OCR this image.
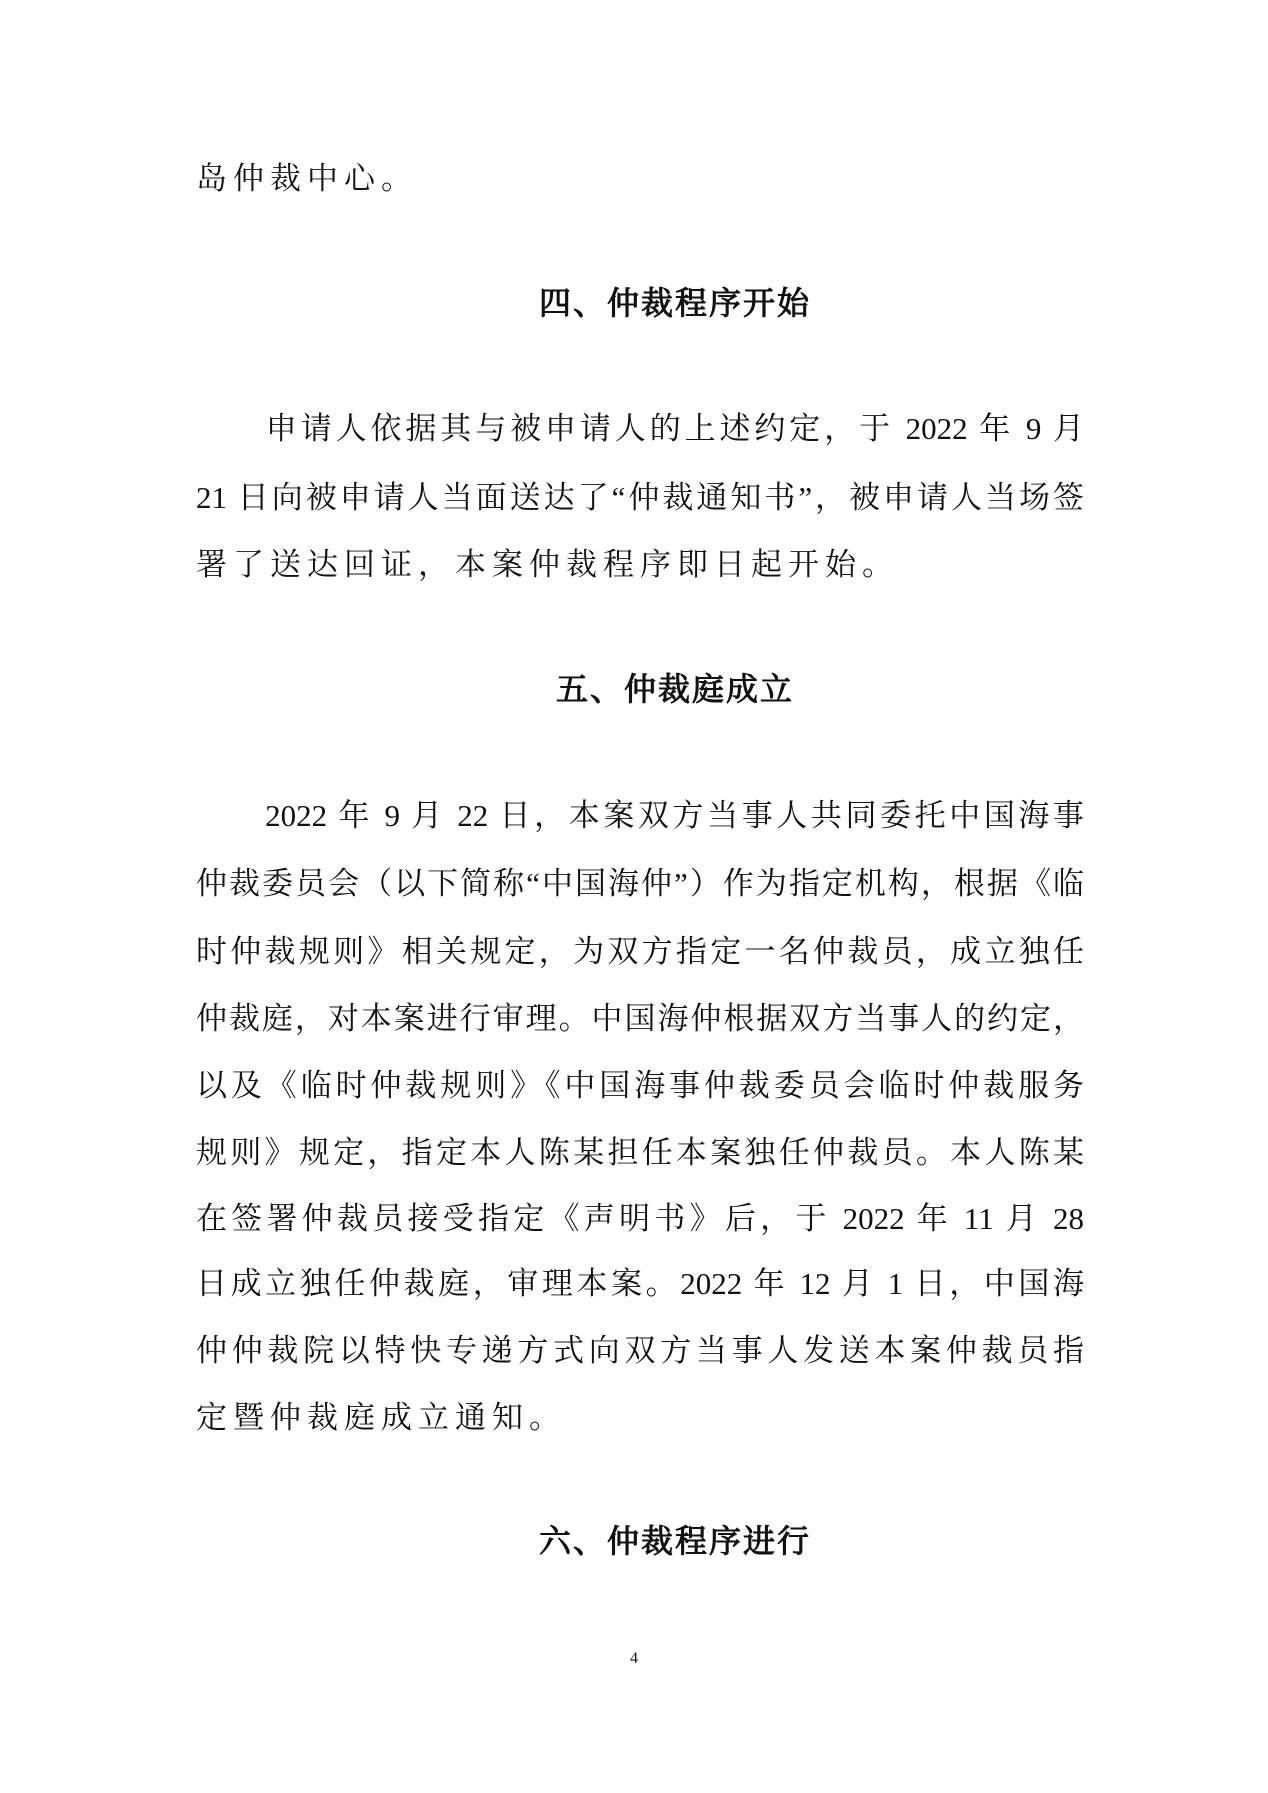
岛仲裁中心。
四、仲裁程序开始
　　申请人依据其与被申请人的上述约定，于 2022 年 9 月
21 日向被申请人当面送达了“仲裁通知书”，被申请人当场签
署了送达回证，本案仲裁程序即日起开始。
五、仲裁庭成立
　　2022 年 9 月 22 日，本案双方当事人共同委托中国海事
仲裁委员会（以下简称“中国海仲”）作为指定机构，根据《临
时仲裁规则》相关规定，为双方指定一名仲裁员，成立独任
仲裁庭，对本案进行审理。中国海仲根据双方当事人的约定，
以及《临时仲裁规则》《中国海事仲裁委员会临时仲裁服务
规则》规定，指定本人陈某担任本案独任仲裁员。本人陈某
在签署仲裁员接受指定《声明书》后，于 2022 年 11 月 28
日成立独任仲裁庭，审理本案。2022 年 12 月 1 日，中国海
仲仲裁院以特快专递方式向双方当事人发送本案仲裁员指
定暨仲裁庭成立通知。
六、仲裁程序进行
4
